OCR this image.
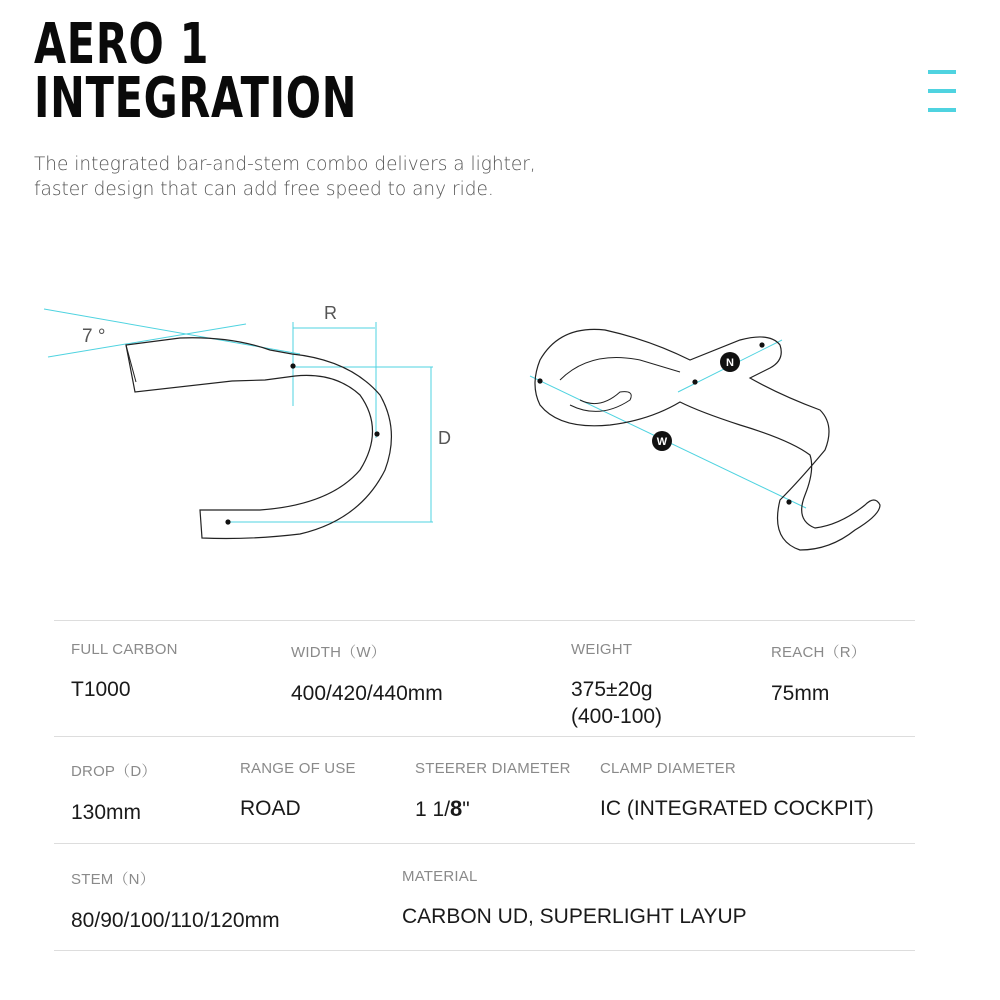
AERO 1
INTEGRATION

The integrated bar-and-stem combo delivers a lighter,
faster design that can add free speed to any ride.

7 °
R
D
N
W
FULL CARBON
T1000
WIDTH（W）
400/420/440mm
WEIGHT
375±20g
(400-100)
REACH（R）
75mm
DROP（D）
130mm
RANGE OF USE
ROAD
STEERER DIAMETER
1 1/8"
CLAMP DIAMETER
IC (INTEGRATED COCKPIT)
STEM（N）
80/90/100/110/120mm
MATERIAL
CARBON UD, SUPERLIGHT LAYUP
